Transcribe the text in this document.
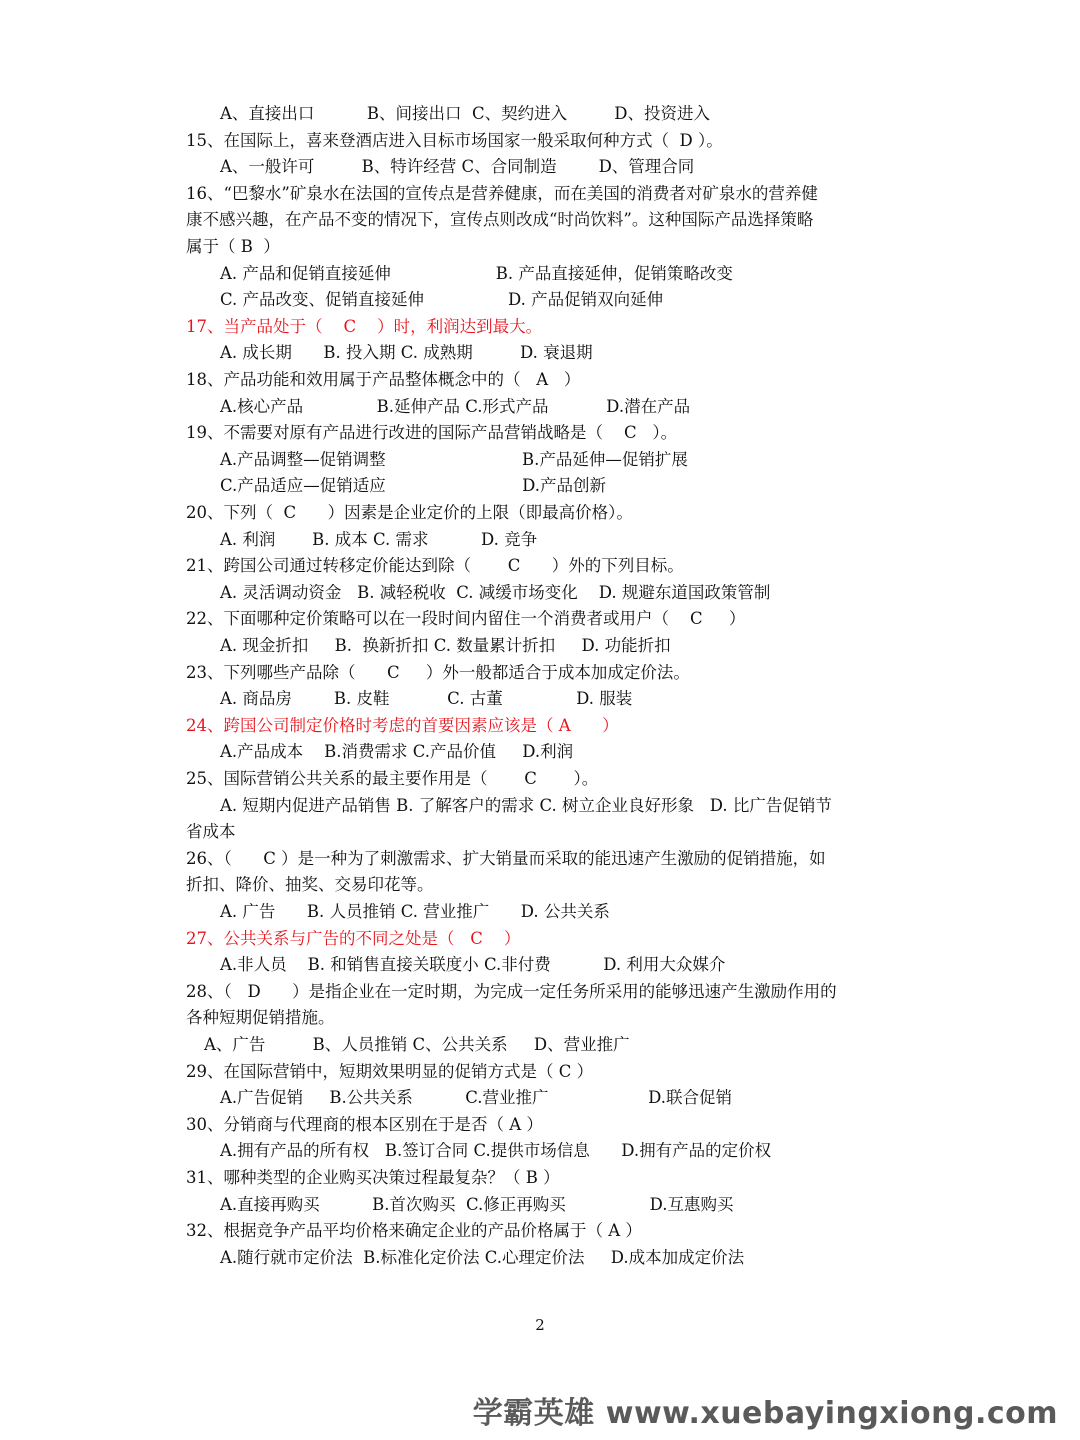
A、直接出口          B、间接出口  C、契约进入         D、投资进入
15、在国际上，喜来登酒店进入目标市场国家一般采取何种方式（  D ）。
A、一般许可         B、特许经营 C、合同制造        D、管理合同
16、“巴黎水”矿泉水在法国的宣传点是营养健康，而在美国的消费者对矿泉水的营养健
康不感兴趣，在产品不变的情况下，宣传点则改成“时尚饮料”。这种国际产品选择策略
属于（ B  ）
A. 产品和促销直接延伸                    B. 产品直接延伸，促销策略改变
C. 产品改变、促销直接延伸                D. 产品促销双向延伸
17、当产品处于（    C    ）时，利润达到最大。
A. 成长期      B. 投入期 C. 成熟期         D. 衰退期
18、产品功能和效用属于产品整体概念中的（   A   ）
A.核心产品              B.延伸产品 C.形式产品           D.潜在产品
19、不需要对原有产品进行改进的国际产品营销战略是（    C   ）。
A.产品调整—促销调整                          B.产品延伸—促销扩展
C.产品适应—促销适应                          D.产品创新
20、下列（  C      ）因素是企业定价的上限（即最高价格）。
A. 利润       B. 成本 C. 需求          D. 竞争
21、跨国公司通过转移定价能达到除（       C      ）外的下列目标。
A. 灵活调动资金   B. 减轻税收  C. 减缓市场变化    D. 规避东道国政策管制
22、下面哪种定价策略可以在一段时间内留住一个消费者或用户（    C     ）
A. 现金折扣     B.  换新折扣 C. 数量累计折扣     D. 功能折扣
23、下列哪些产品除（      C     ）外一般都适合于成本加成定价法。
A. 商品房        B. 皮鞋           C. 古董              D. 服装
24、跨国公司制定价格时考虑的首要因素应该是（ A      ）
A.产品成本    B.消费需求 C.产品价值     D.利润
25、国际营销公共关系的最主要作用是（       C       ）。
A. 短期内促进产品销售 B. 了解客户的需求 C. 树立企业良好形象   D. 比广告促销节
省成本
26、（      C ）是一种为了刺激需求、扩大销量而采取的能迅速产生激励的促销措施，如
折扣、降价、抽奖、交易印花等。
A. 广告      B. 人员推销 C. 营业推广      D. 公共关系
27、公共关系与广告的不同之处是（   C    ）
A.非人员    B. 和销售直接关联度小 C.非付费          D. 利用大众媒介
28、（   D      ）是指企业在一定时期，为完成一定任务所采用的能够迅速产生激励作用的
各种短期促销措施。
A、广告         B、人员推销 C、公共关系     D、营业推广
29、在国际营销中，短期效果明显的促销方式是（ C ）
A.广告促销     B.公共关系          C.营业推广                   D.联合促销
30、分销商与代理商的根本区别在于是否（ A ）
A.拥有产品的所有权   B.签订合同 C.提供市场信息      D.拥有产品的定价权
31、哪种类型的企业购买决策过程最复杂？（ B ）
A.直接再购买          B.首次购买  C.修正再购买                D.互惠购买
32、根据竞争产品平均价格来确定企业的产品价格属于（ A ）
A.随行就市定价法  B.标准化定价法 C.心理定价法     D.成本加成定价法
2
学霸英雄 www.xuebayingxiong.com
